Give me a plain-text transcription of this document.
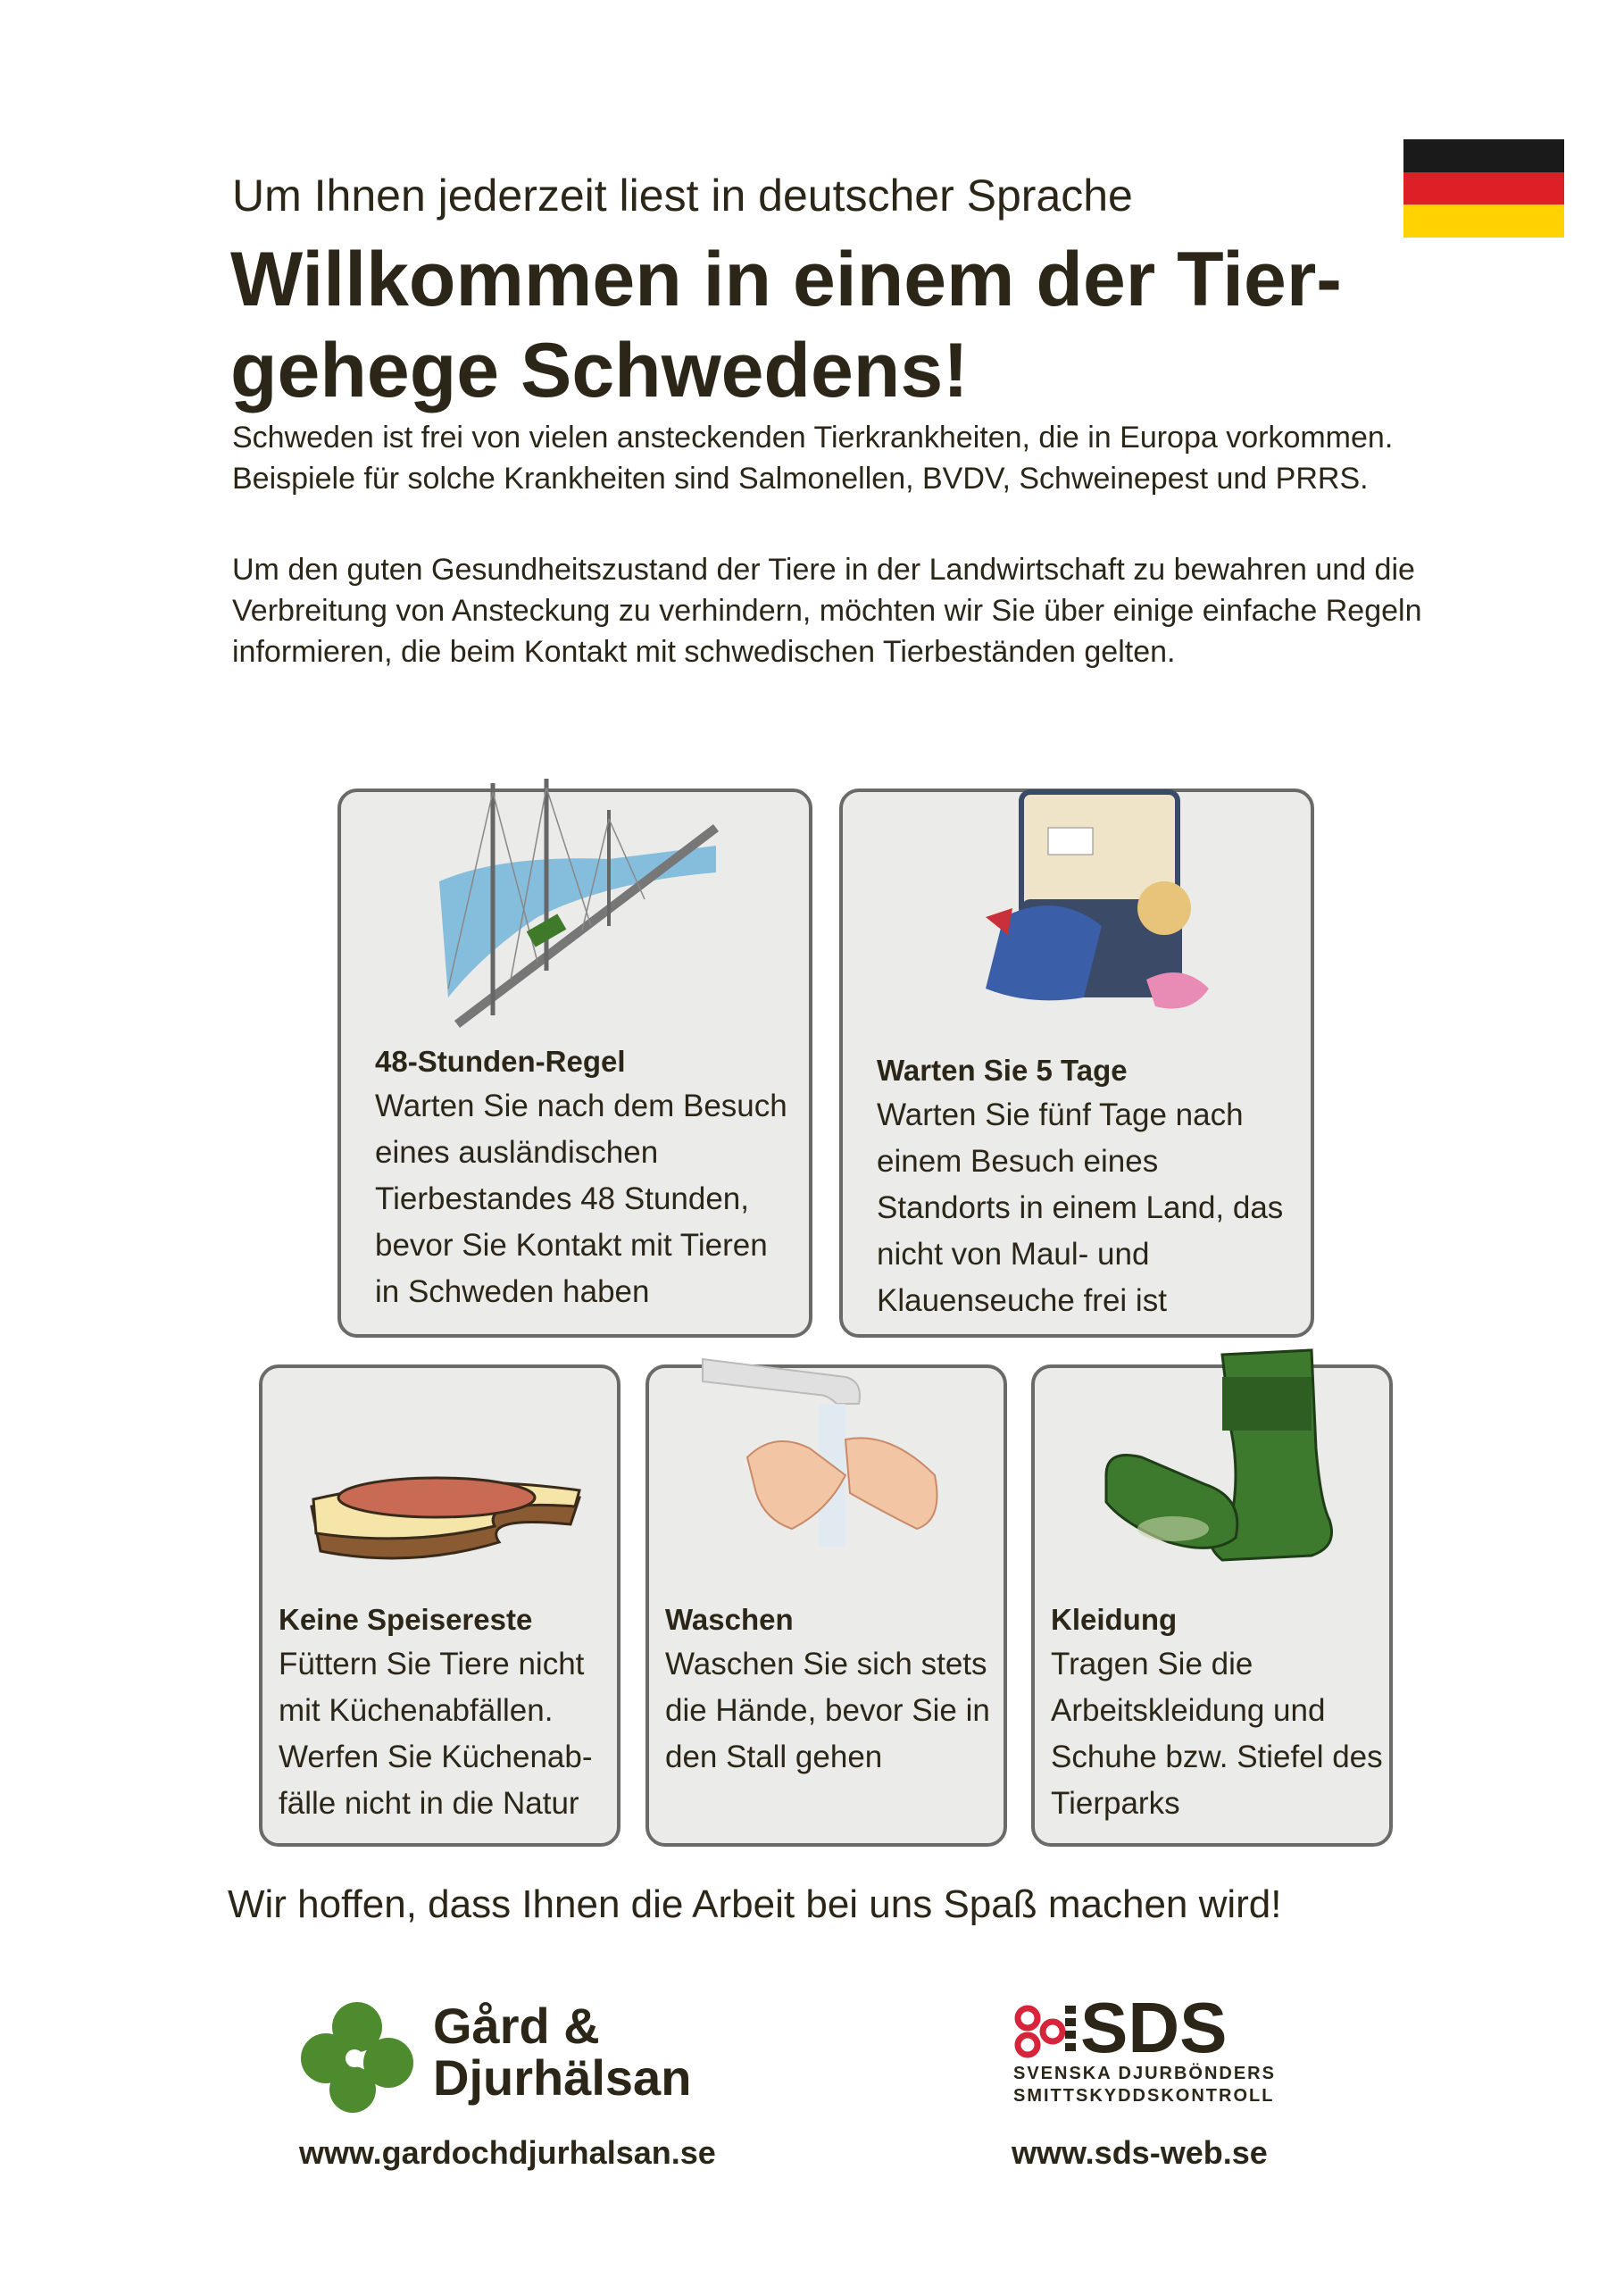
Um Ihnen jederzeit liest in deutscher Sprache
Willkommen in einem der Tier-gehege Schwedens!
Schweden ist frei von vielen ansteckenden Tierkrankheiten, die in Europa vorkommen. Beispiele für solche Krankheiten sind Salmonellen, BVDV, Schweinepest und PRRS.
Um den guten Gesundheitszustand der Tiere in der Landwirtschaft zu bewahren und die Verbreitung von Ansteckung zu verhindern, möchten wir Sie über einige einfache Regeln informieren, die beim Kontakt mit schwedischen Tierbeständen gelten.
48-Stunden-Regel
Warten Sie nach dem Besuch eines ausländischen Tierbestandes 48 Stunden, bevor Sie Kontakt mit Tieren in Schweden haben
Warten Sie 5 Tage
Warten Sie fünf Tage nach einem Besuch eines Standorts in einem Land, das nicht von Maul- und Klauenseuche frei ist
Keine Speisereste
Füttern Sie Tiere nicht mit Küchenabfällen. Werfen Sie Küchenab-fälle nicht in die Natur
Waschen
Waschen Sie sich stets die Hände, bevor Sie in den Stall gehen
Kleidung
Tragen Sie die Arbeitskleidung und Schuhe bzw. Stiefel des Tierparks
Wir hoffen, dass Ihnen die Arbeit bei uns Spaß machen wird!
Gård & Djurhälsan
www.gardochdjurhalsan.se
SDS
SVENSKA DJURBÖNDERS SMITTSKYDDSKONTROLL
www.sds-web.se
